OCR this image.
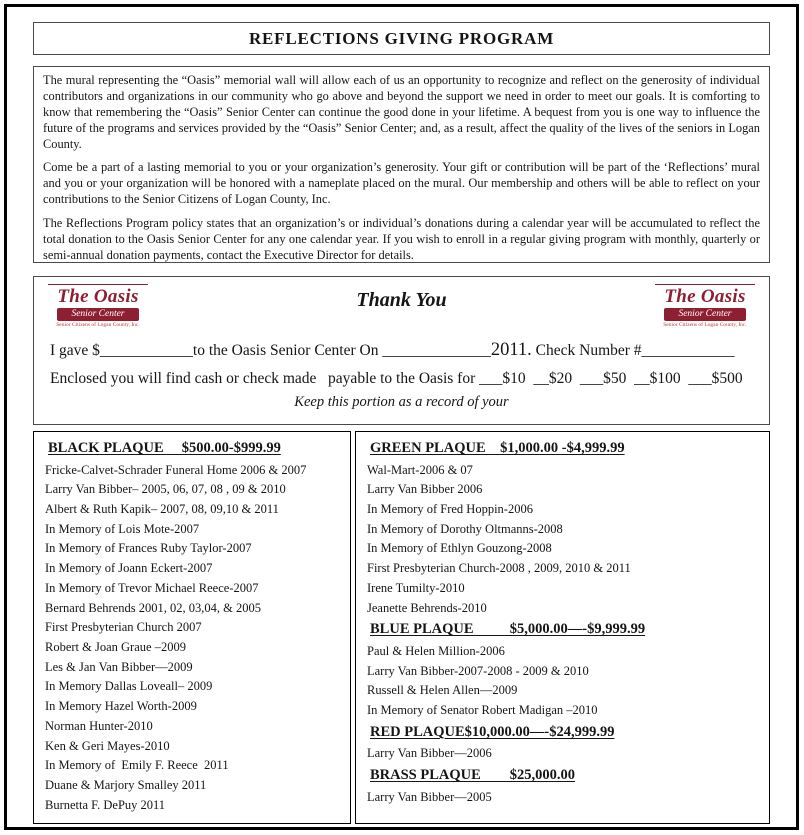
REFLECTIONS GIVING PROGRAM

The mural representing the “Oasis” memorial wall will allow each of us an opportunity to recognize and reflect on the generosity of individual contributors and organizations in our community who go above and beyond the support we need in order to meet our goals. It is comforting to know that remembering the “Oasis” Senior Center can continue the good done in your lifetime. A bequest from you is one way to influence the future of the programs and services provided by the “Oasis” Senior Center; and, as a result, affect the quality of the lives of the seniors in Logan County.

Come be a part of a lasting memorial to you or your organization’s generosity. Your gift or contribution will be part of the ‘Reflections’ mural and you or your organization will be honored with a nameplate placed on the mural. Our membership and others will be able to reflect on your contributions to the Senior Citizens of Logan County, Inc.

The Reflections Program policy states that an organization’s or individual’s donations during a calendar year will be accumulated to reflect the total donation to the Oasis Senior Center for any one calendar year. If you wish to enroll in a regular giving program with monthly, quarterly or semi-annual donation payments, contact the Executive Director for details.

The Oasis
Senior Center
Senior Citizens of Logan County, Inc.
The Oasis
Senior Center
Senior Citizens of Logan County, Inc.
Thank You

I gave $____________to the Oasis Senior Center On ______________2011. Check Number #____________

Enclosed you will find cash or check made   payable to the Oasis for ___$10  __$20  ___$50  __$100  ___$500

Keep this portion as a record of your

BLACK PLAQUE     $500.00-$999.99
Fricke-Calvet-Schrader Funeral Home 2006 & 2007
Larry Van Bibber– 2005, 06, 07, 08 , 09 & 2010
Albert & Ruth Kapik– 2007, 08, 09,10 & 2011
In Memory of Lois Mote-2007
In Memory of Frances Ruby Taylor-2007
In Memory of Joann Eckert-2007
In Memory of Trevor Michael Reece-2007
Bernard Behrends 2001, 02, 03,04, & 2005
First Presbyterian Church 2007
Robert & Joan Graue –2009
Les & Jan Van Bibber—2009
In Memory Dallas Loveall– 2009
In Memory Hazel Worth-2009
Norman Hunter-2010
Ken & Geri Mayes-2010
In Memory of  Emily F. Reece  2011
Duane & Marjory Smalley 2011
Burnetta F. DePuy 2011
GREEN PLAQUE    $1,000.00 -$4,999.99
Wal-Mart-2006 & 07
Larry Van Bibber 2006
In Memory of Fred Hoppin-2006
In Memory of Dorothy Oltmanns-2008
In Memory of Ethlyn Gouzong-2008
First Presbyterian Church-2008 , 2009, 2010 & 2011
Irene Tumilty-2010
Jeanette Behrends-2010
BLUE PLAQUE          $5,000.00—-$9,999.99
Paul & Helen Million-2006
Larry Van Bibber-2007-2008 - 2009 & 2010
Russell & Helen Allen—2009
In Memory of Senator Robert Madigan –2010
RED PLAQUE$10,000.00—-$24,999.99
Larry Van Bibber—2006
BRASS PLAQUE        $25,000.00
Larry Van Bibber—2005
